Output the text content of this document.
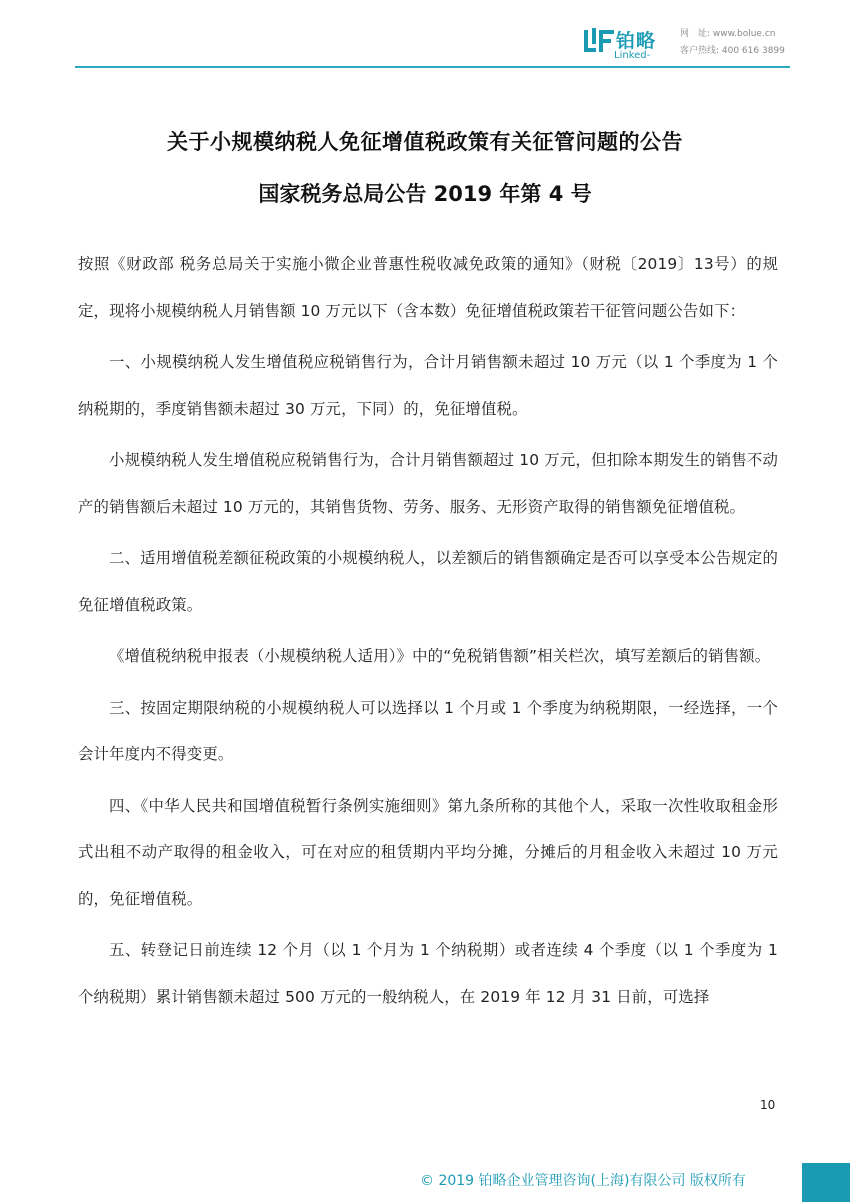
铂略
Linked-
网　址: www.bolue.cn
客户热线: 400 616 3899
关于小规模纳税人免征增值税政策有关征管问题的公告
国家税务总局公告 2019 年第 4 号

按照《财政部 税务总局关于实施小微企业普惠性税收减免政策的通知》（财税〔2019〕13号）的规定，现将小规模纳税人月销售额 10 万元以下（含本数）免征增值税政策若干征管问题公告如下：

一、小规模纳税人发生增值税应税销售行为，合计月销售额未超过 10 万元（以 1 个季度为 1 个纳税期的，季度销售额未超过 30 万元，下同）的，免征增值税。

小规模纳税人发生增值税应税销售行为，合计月销售额超过 10 万元，但扣除本期发生的销售不动产的销售额后未超过 10 万元的，其销售货物、劳务、服务、无形资产取得的销售额免征增值税。

二、适用增值税差额征税政策的小规模纳税人，以差额后的销售额确定是否可以享受本公告规定的免征增值税政策。

《增值税纳税申报表（小规模纳税人适用）》中的“免税销售额”相关栏次，填写差额后的销售额。

三、按固定期限纳税的小规模纳税人可以选择以 1 个月或 1 个季度为纳税期限，一经选择，一个会计年度内不得变更。

四、《中华人民共和国增值税暂行条例实施细则》第九条所称的其他个人，采取一次性收取租金形式出租不动产取得的租金收入，可在对应的租赁期内平均分摊，分摊后的月租金收入未超过 10 万元的，免征增值税。

五、转登记日前连续 12 个月（以 1 个月为 1 个纳税期）或者连续 4 个季度（以 1 个季度为 1 个纳税期）累计销售额未超过 500 万元的一般纳税人，在 2019 年 12 月 31 日前，可选择

10
© 2019 铂略企业管理咨询(上海)有限公司 版权所有
